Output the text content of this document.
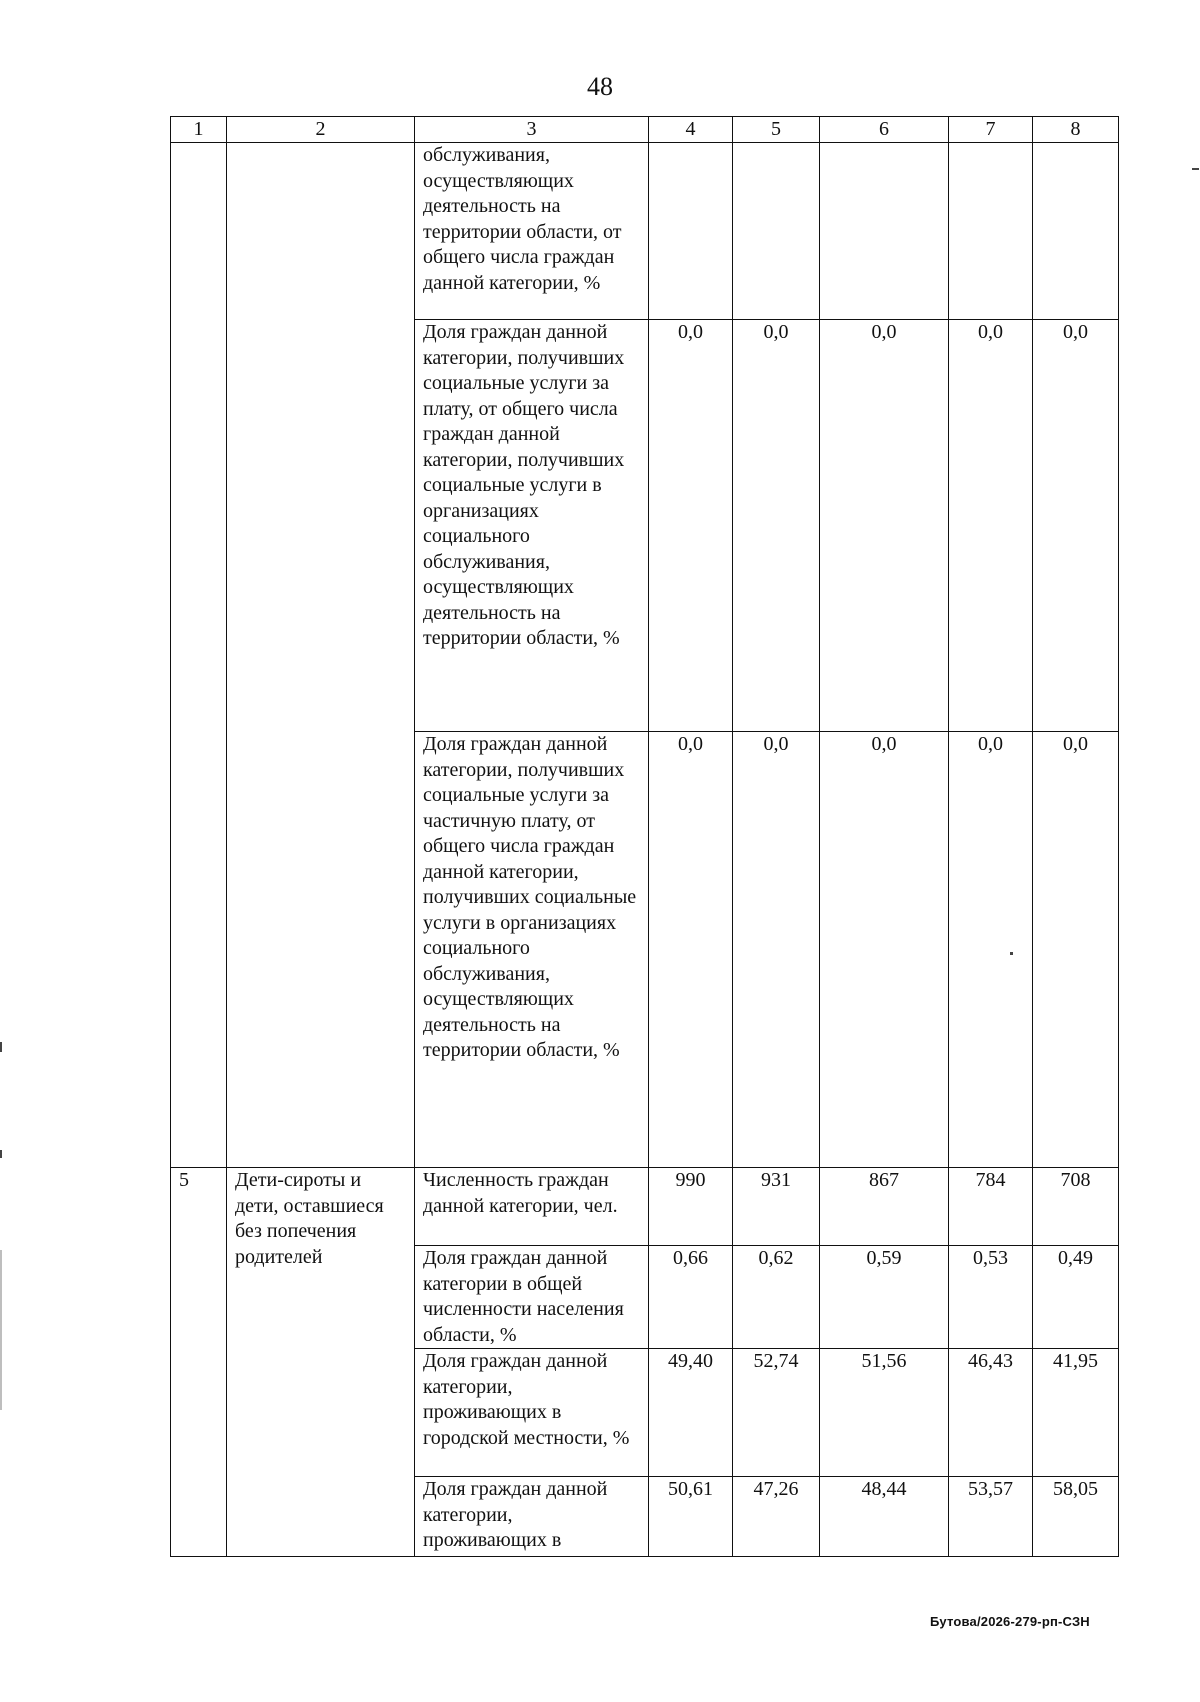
48
1	2	3	4	5	6	7	8
		обслуживания, осуществляющих деятельность на территории области, от общего числа граждан данной категории, %					
		Доля граждан данной категории, получивших социальные услуги за плату, от общего числа граждан данной категории, получивших социальные услуги в организациях социального обслуживания, осуществляющих деятельность на территории области, %	0,0	0,0	0,0	0,0	0,0
		Доля граждан данной категории, получивших социальные услуги за частичную плату, от общего числа граждан данной категории, получивших социальные услуги в организациях социального обслуживания, осуществляющих деятельность на территории области, %	0,0	0,0	0,0	0,0	0,0
5	Дети-сироты и дети, оставшиеся без попечения родителей	Численность граждан данной категории, чел.	990	931	867	784	708
		Доля граждан данной категории в общей численности населения области, %	0,66	0,62	0,59	0,53	0,49
		Доля граждан данной категории, проживающих в городской местности, %	49,40	52,74	51,56	46,43	41,95
		Доля граждан данной категории, проживающих в	50,61	47,26	48,44	53,57	58,05
Бутова/2026-279-рп-СЗН
